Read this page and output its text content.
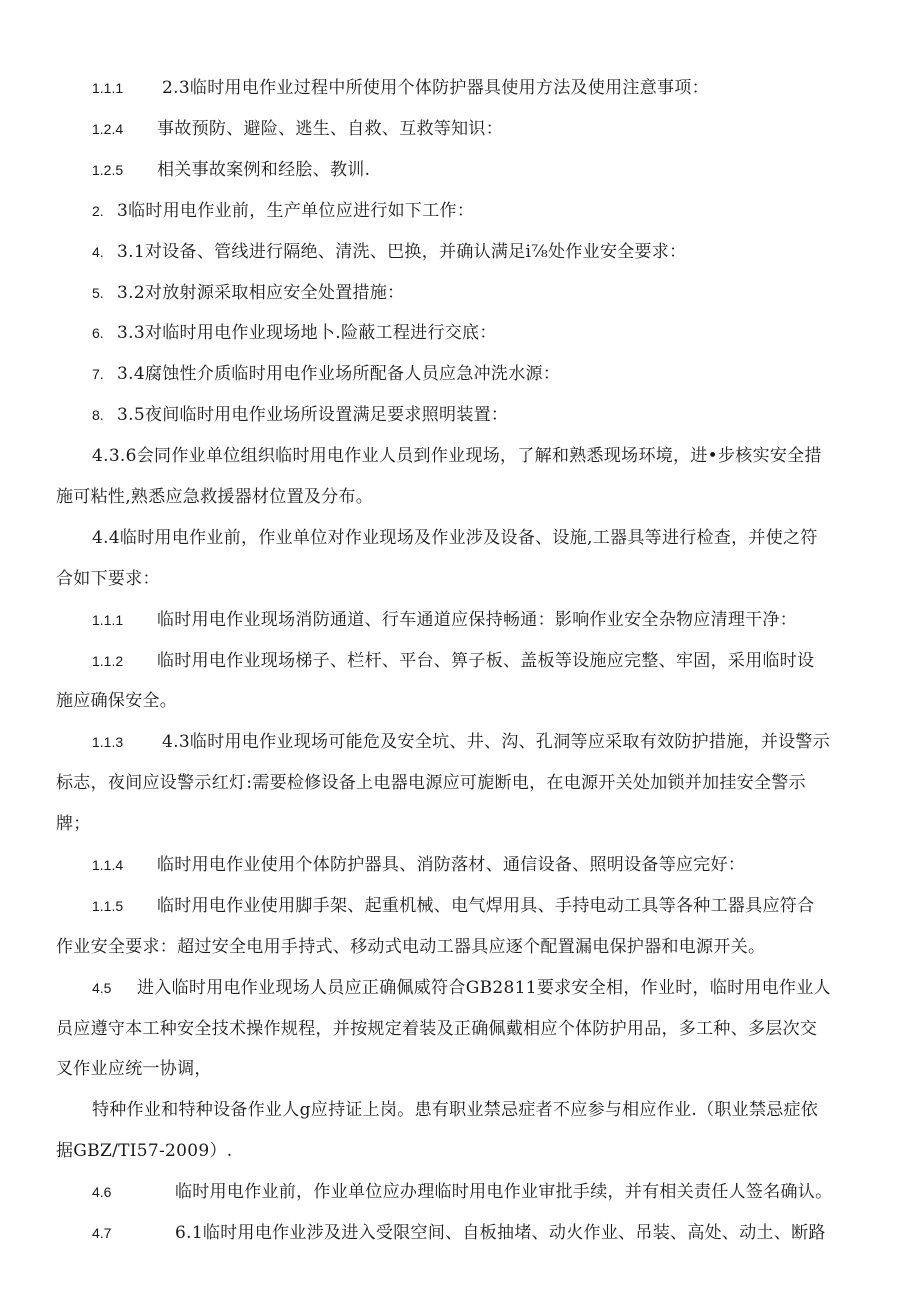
1.1.1 2.3临时用电作业过程中所使用个体防护器具使用方法及使用注意事项：
1.2.4 事故预防、避险、逃生、自救、互救等知识：
1.2.5 相关事故案例和经脍、教训.
2. 3临时用电作业前，生产单位应进行如下工作：
4. 3.1对设备、管线进行隔绝、清洗、巴换，并确认满足i⅞处作业安全要求：
5. 3.2对放射源采取相应安全处置措施：
6. 3.3对临时用电作业现场地卜.险蔽工程进行交底：
7. 3.4腐蚀性介质临时用电作业场所配备人员应急冲洗水源：
8. 3.5夜间临时用电作业场所设置满足要求照明装置：
4.3.6会同作业单位组织临时用电作业人员到作业现场，了解和熟悉现场环境，进•步核实安全措
施可粘性,熟悉应急救援器材位置及分布。
4.4临时用电作业前，作业单位对作业现场及作业涉及设备、设施,工器具等进行检查，并使之符
合如下要求：
1.1.1 临时用电作业现场消防通道、行车通道应保持畅通：影响作业安全杂物应清理干净：
1.1.2 临时用电作业现场梯子、栏杆、平台、箅子板、盖板等设施应完整、牢固，采用临时设
施应确保安全。
1.1.3 4.3临时用电作业现场可能危及安全坑、井、沟、孔洞等应采取有效防护措施，并设警示
标志，夜间应设警示红灯:需要检修设备上电器电源应可旎断电，在电源开关处加锁并加挂安全警示
牌；
1.1.4 临时用电作业使用个体防护器具、消防落材、通信设备、照明设备等应完好：
1.1.5 临时用电作业使用脚手架、起重机械、电气焊用具、手持电动工具等各种工器具应符合
作业安全要求：超过安全电用手持式、移动式电动工器具应逐个配置漏电保护器和电源开关。
4.5 进入临时用电作业现场人员应正确佩威符合GB2811要求安全相，作业时，临时用电作业人
员应遵守本工种安全技术操作规程，并按规定着装及正确佩戴相应个体防护用品，多工种、多层次交
叉作业应统一协调，
特种作业和特种设备作业人g应持证上岗。患有职业禁忌症者不应参与相应作业.（职业禁忌症依
据GBZ/TI57-2009）.
4.6	临时用电作业前，作业单位应办理临时用电作业审批手续，并有相关责任人签名确认。
4.7	6.1临时用电作业涉及进入受限空间、自板抽堵、动火作业、吊装、高处、动土、断路
